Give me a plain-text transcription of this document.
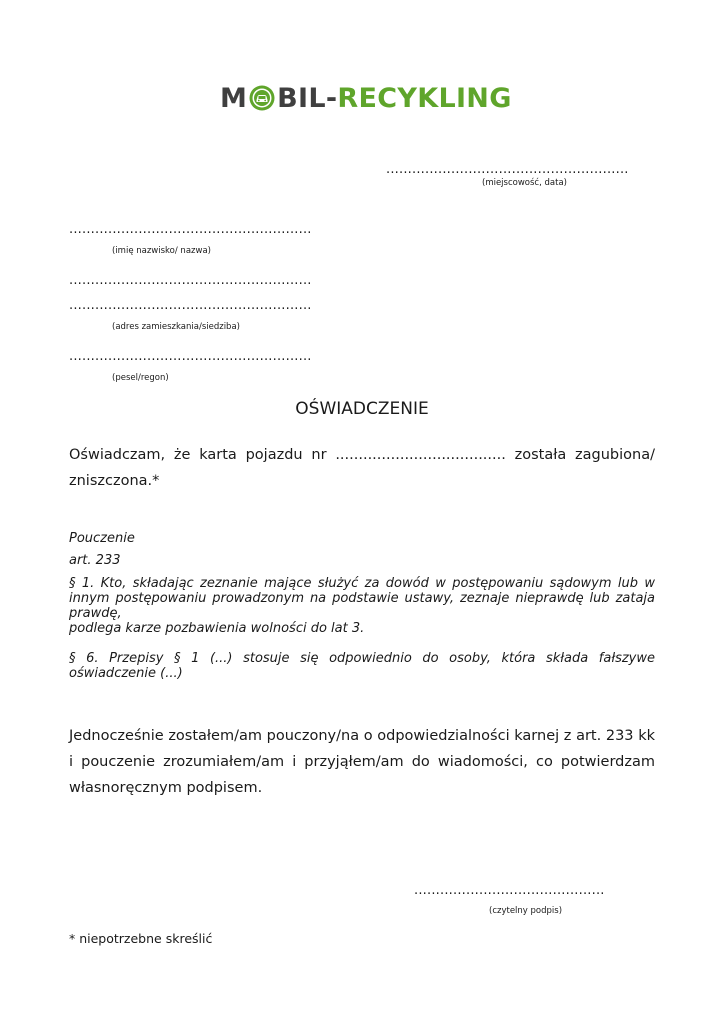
M BIL- RECYKLING
........................................................
(miejscowość, data)
........................................................
(imię nazwisko/ nazwa)
........................................................
........................................................
(adres zamieszkania/siedziba)
........................................................
(pesel/regon)
OŚWIADCZENIE
Oświadczam, że karta pojazdu nr ..................................... została zagubiona/ zniszczona.*
Pouczenie
art. 233
§ 1. Kto, składając zeznanie mające służyć za dowód w postępowaniu sądowym lub w innym postępowaniu prowadzonym na podstawie ustawy, zeznaje nieprawdę lub zataja prawdę,
podlega karze pozbawienia wolności do lat 3.
§ 6. Przepisy § 1 (...) stosuje się odpowiednio do osoby, która składa fałszywe oświadczenie (...)
Jednocześnie zostałem/am pouczony/na o odpowiedzialności karnej z art. 233 kk i pouczenie zrozumiałem/am i przyjąłem/am do wiadomości, co potwierdzam własnoręcznym podpisem.
............................................
(czytelny podpis)
* niepotrzebne skreślić
